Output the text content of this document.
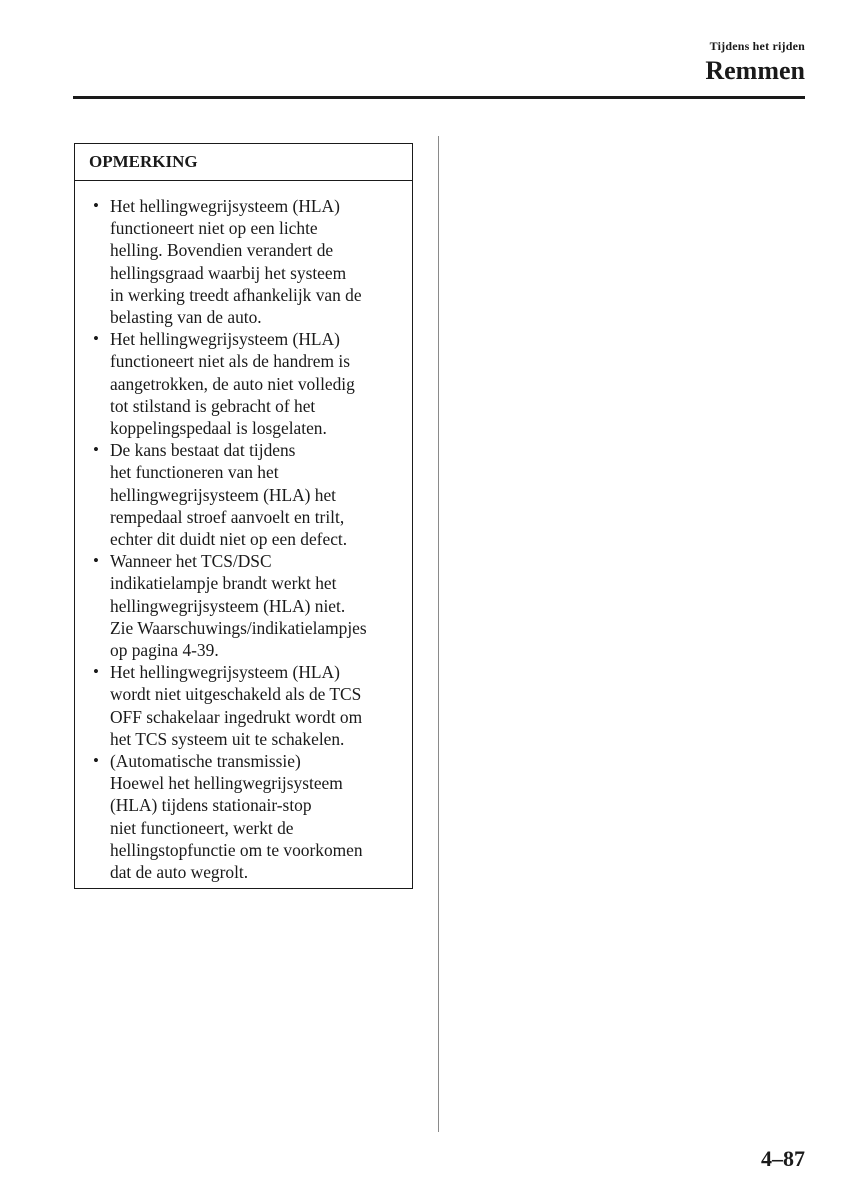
Tijdens het rijden
Remmen
OPMERKING
• Het hellingwegrijsysteem (HLA)
functioneert niet op een lichte
helling. Bovendien verandert de
hellingsgraad waarbij het systeem
in werking treedt afhankelijk van de
belasting van de auto.
• Het hellingwegrijsysteem (HLA)
functioneert niet als de handrem is
aangetrokken, de auto niet volledig
tot stilstand is gebracht of het
koppelingspedaal is losgelaten.
• De kans bestaat dat tijdens
het functioneren van het
hellingwegrijsysteem (HLA) het
rempedaal stroef aanvoelt en trilt,
echter dit duidt niet op een defect.
• Wanneer het TCS/DSC
indikatielampje brandt werkt het
hellingwegrijsysteem (HLA) niet.
Zie Waarschuwings/indikatielampjes
op pagina 4-39.
• Het hellingwegrijsysteem (HLA)
wordt niet uitgeschakeld als de TCS
OFF schakelaar ingedrukt wordt om
het TCS systeem uit te schakelen.
• (Automatische transmissie)
Hoewel het hellingwegrijsysteem
(HLA) tijdens stationair-stop
niet functioneert, werkt de
hellingstopfunctie om te voorkomen
dat de auto wegrolt.
4–87
